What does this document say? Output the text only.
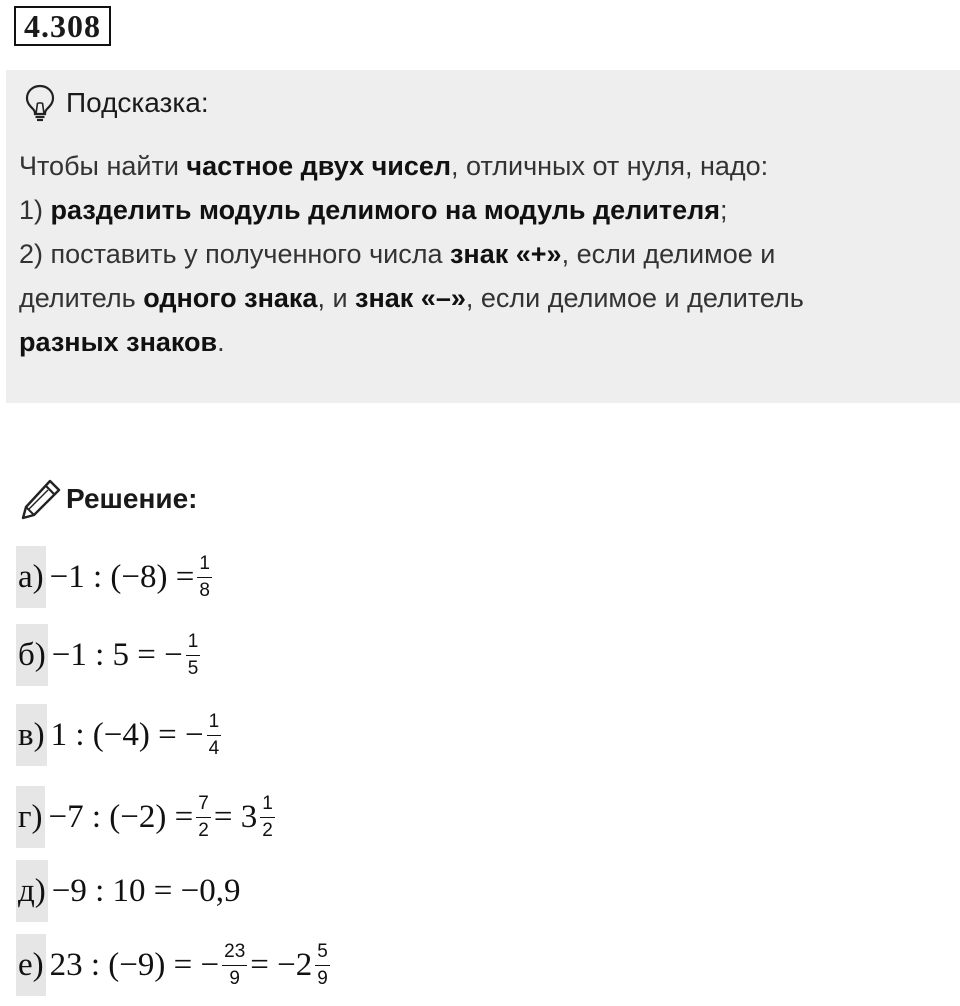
4.308
Подсказка:
Чтобы найти частное двух чисел, отличных от нуля, надо:
1) разделить модуль делимого на модуль делителя;
2) поставить у полученного числа знак «+», если делимое и
делитель одного знака, и знак «–», если делимое и делитель
разных знаков.
Решение:
а) −1 : $(-8) = \frac{1}{8}$
б) −1 : 5 = − $\frac{1}{5}$
в) 1 : (−4) = − $\frac{1}{4}$
г) −7 : $(-2) = \frac{7}{2} = 3 \frac{1}{2}$
д) −9 : 10 = −0,9
е) 23 : (−9) = − $\frac{23}{9} = -2 \frac{5}{9}$
